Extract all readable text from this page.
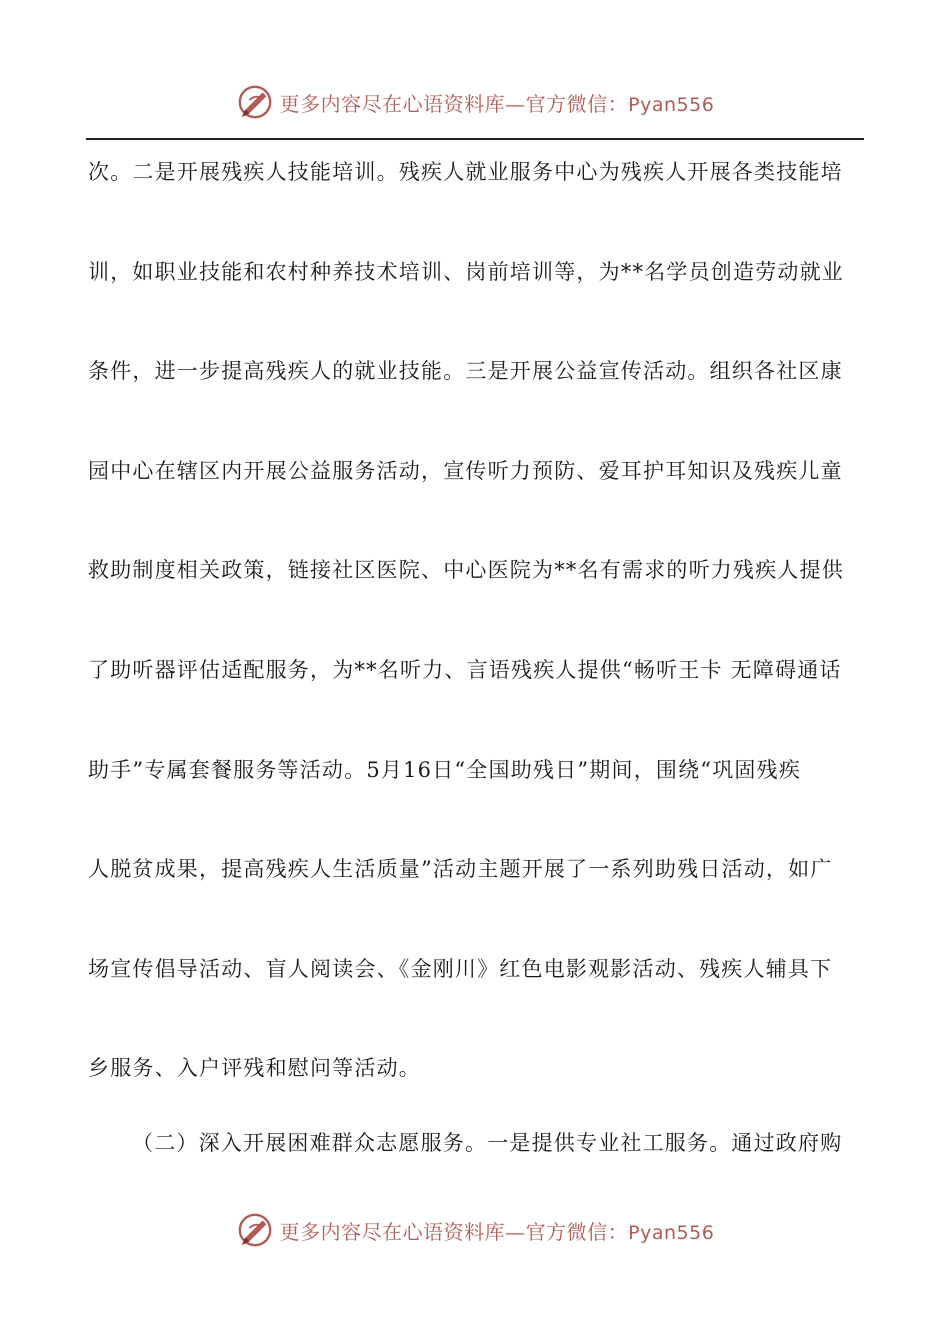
更多内容尽在心语资料库—官方微信：Pyan556
次。二是开展残疾人技能培训。残疾人就业服务中心为残疾人开展各类技能培
训，如职业技能和农村种养技术培训、岗前培训等，为**名学员创造劳动就业
条件，进一步提高残疾人的就业技能。三是开展公益宣传活动。组织各社区康
园中心在辖区内开展公益服务活动，宣传听力预防、爱耳护耳知识及残疾儿童
救助制度相关政策，链接社区医院、中心医院为**名有需求的听力残疾人提供
了助听器评估适配服务，为**名听力、言语残疾人提供“畅听王卡 无障碍通话
助手”专属套餐服务等活动。5月16日“全国助残日”期间，围绕“巩固残疾
人脱贫成果，提高残疾人生活质量”活动主题开展了一系列助残日活动，如广
场宣传倡导活动、盲人阅读会、《金刚川》红色电影观影活动、残疾人辅具下
乡服务、入户评残和慰问等活动。
（二）深入开展困难群众志愿服务。一是提供专业社工服务。通过政府购
更多内容尽在心语资料库—官方微信：Pyan556
